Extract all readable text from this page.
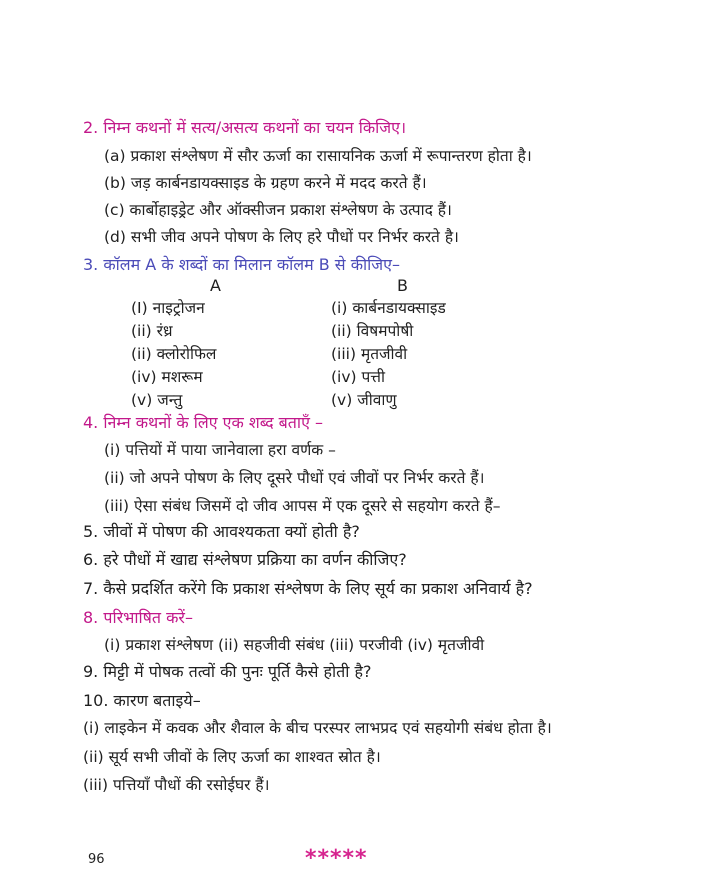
2. निम्न कथनों में सत्य/असत्य कथनों का चयन किजिए।
(a) प्रकाश संश्लेषण में सौर ऊर्जा का रासायनिक ऊर्जा में रूपान्तरण होता है।
(b) जड़ कार्बनडायक्साइड के ग्रहण करने में मदद करते हैं।
(c) कार्बोहाइड्रेट और ऑक्सीजन प्रकाश संश्लेषण के उत्पाद हैं।
(d) सभी जीव अपने पोषण के लिए हरे पौधों पर निर्भर करते है।
3. कॉलम A के शब्दों का मिलान कॉलम B से कीजिए–
A	B
(I) नाइट्रोजन
(ii) रंध्र
(ii) क्लोरोफिल
(iv) मशरूम
(v) जन्तु
(i) कार्बनडायक्साइड
(ii) विषमपोषी
(iii) मृतजीवी
(iv) पत्ती
(v) जीवाणु
4. निम्न कथनों के लिए एक शब्द बताएँ –
(i) पत्तियों में पाया जानेवाला हरा वर्णक –
(ii) जो अपने पोषण के लिए दूसरे पौधों एवं जीवों पर निर्भर करते हैं।
(iii) ऐसा संबंध जिसमें दो जीव आपस में एक दूसरे से सहयोग करते हैं–
5. जीवों में पोषण की आवश्यकता क्यों होती है?
6. हरे पौधों में खाद्य संश्लेषण प्रक्रिया का वर्णन कीजिए?
7. कैसे प्रदर्शित करेंगे कि प्रकाश संश्लेषण के लिए सूर्य का प्रकाश अनिवार्य है?
8. परिभाषित करें–
(i) प्रकाश संश्लेषण (ii) सहजीवी संबंध (iii) परजीवी (iv) मृतजीवी
9. मिट्टी में पोषक तत्वों की पुनः पूर्ति कैसे होती है?
10. कारण बताइये–
(i) लाइकेन में कवक और शैवाल के बीच परस्पर लाभप्रद एवं सहयोगी संबंध होता है।
(ii) सूर्य सभी जीवों के लिए ऊर्जा का शाश्वत स्रोत है।
(iii) पत्तियाँ पौधों की रसोईघर हैं।
96	*****
